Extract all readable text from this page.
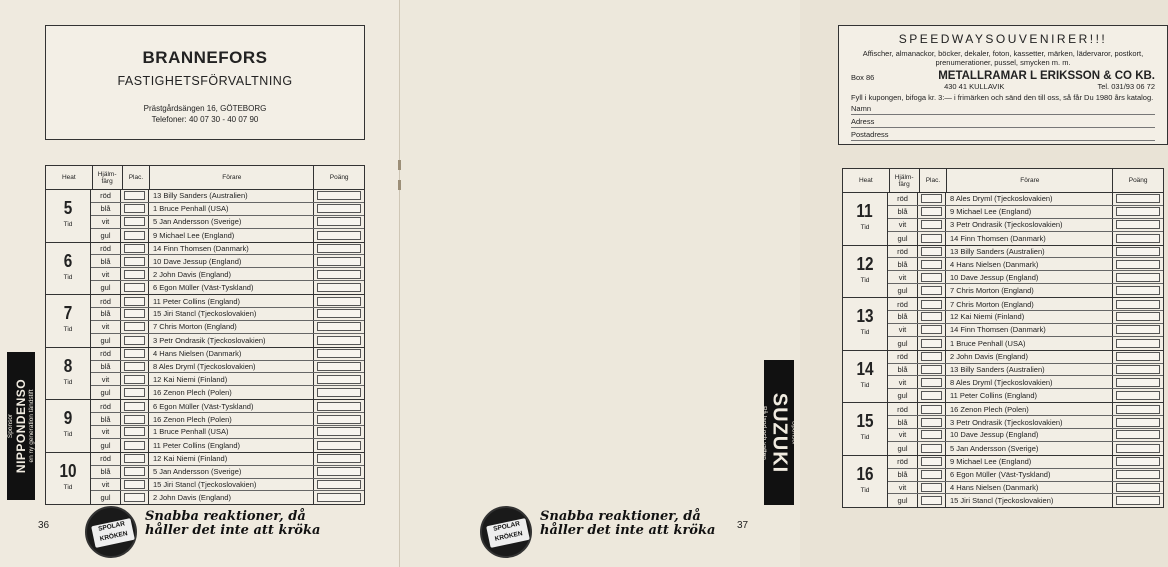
BRANNEFORS
FASTIGHETSFÖRVALTNING
Prästgårdsängen 16, GÖTEBORG
Telefoner: 40 07 30 - 40 07 90
Heat	Hjälm-färg	Plac.	Förare	Poäng
5
Tid
röd	13 Billy Sanders (Australien)
blå	1 Bruce Penhall (USA)
vit	5 Jan Andersson (Sverige)
gul	9 Michael Lee (England)
6
Tid
röd	14 Finn Thomsen (Danmark)
blå	10 Dave Jessup (England)
vit	2 John Davis (England)
gul	6 Egon Müller (Väst-Tyskland)
7
Tid
röd	11 Peter Collins (England)
blå	15 Jiri Stancl (Tjeckoslovakien)
vit	7 Chris Morton (England)
gul	3 Petr Ondrasik (Tjeckoslovakien)
8
Tid
röd	4 Hans Nielsen (Danmark)
blå	8 Ales Dryml (Tjeckoslovakien)
vit	12 Kai Niemi (Finland)
gul	16 Zenon Plech (Polen)
9
Tid
röd	6 Egon Müller (Väst-Tyskland)
blå	16 Zenon Plech (Polen)
vit	1 Bruce Penhall (USA)
gul	11 Peter Collins (England)
10
Tid
röd	12 Kai Niemi (Finland)
blå	5 Jan Andersson (Sverige)
vit	15 Jiri Stancl (Tjeckoslovakien)
gul	2 John Davis (England)
Sponsor NIPPONDENSO en ny generation tändstift
36	SPOLAR
KRÖKEN
Snabba reaktioner, då
håller det inte att kröka
SPEEDWAYSOUVENIRER!!!
Affischer, almanackor, böcker, dekaler, foton, kassetter, märken, lädervaror, postkort, prenumerationer, pussel, smycken m. m.
Box 86	METALLRAMAR L ERIKSSON & CO KB.
430 41 KULLAVIK	Tel. 031/93 06 72
Fyll i kupongen, bifoga kr. 3:— i frimärken och sänd den till oss, så får Du 1980 års katalog.
Namn
Adress
Postadress
Heat	Hjälm-färg	Plac.	Förare	Poäng
11
Tid
röd	8 Ales Dryml (Tjeckoslovakien)
blå	9 Michael Lee (England)
vit	3 Petr Ondrasik (Tjeckoslovakien)
gul	14 Finn Thomsen (Danmark)
12
Tid
röd	13 Billy Sanders (Australien)
blå	4 Hans Nielsen (Danmark)
vit	10 Dave Jessup (England)
gul	7 Chris Morton (England)
13
Tid
röd	7 Chris Morton (England)
blå	12 Kai Niemi (Finland)
vit	14 Finn Thomsen (Danmark)
gul	1 Bruce Penhall (USA)
14
Tid
röd	2 John Davis (England)
blå	13 Billy Sanders (Australien)
vit	8 Ales Dryml (Tjeckoslovakien)
gul	11 Peter Collins (England)
15
Tid
röd	16 Zenon Plech (Polen)
blå	3 Petr Ondrasik (Tjeckoslovakien)
vit	10 Dave Jessup (England)
gul	5 Jan Andersson (Sverige)
16
Tid
röd	9 Michael Lee (England)
blå	6 Egon Müller (Väst-Tyskland)
vit	4 Hans Nielsen (Danmark)
gul	15 Jiri Stancl (Tjeckoslovakien)
Sponsor
SUZUKI
På land och vatten
37
SPOLAR
KRÖKEN
Snabba reaktioner, då
håller det inte att kröka
